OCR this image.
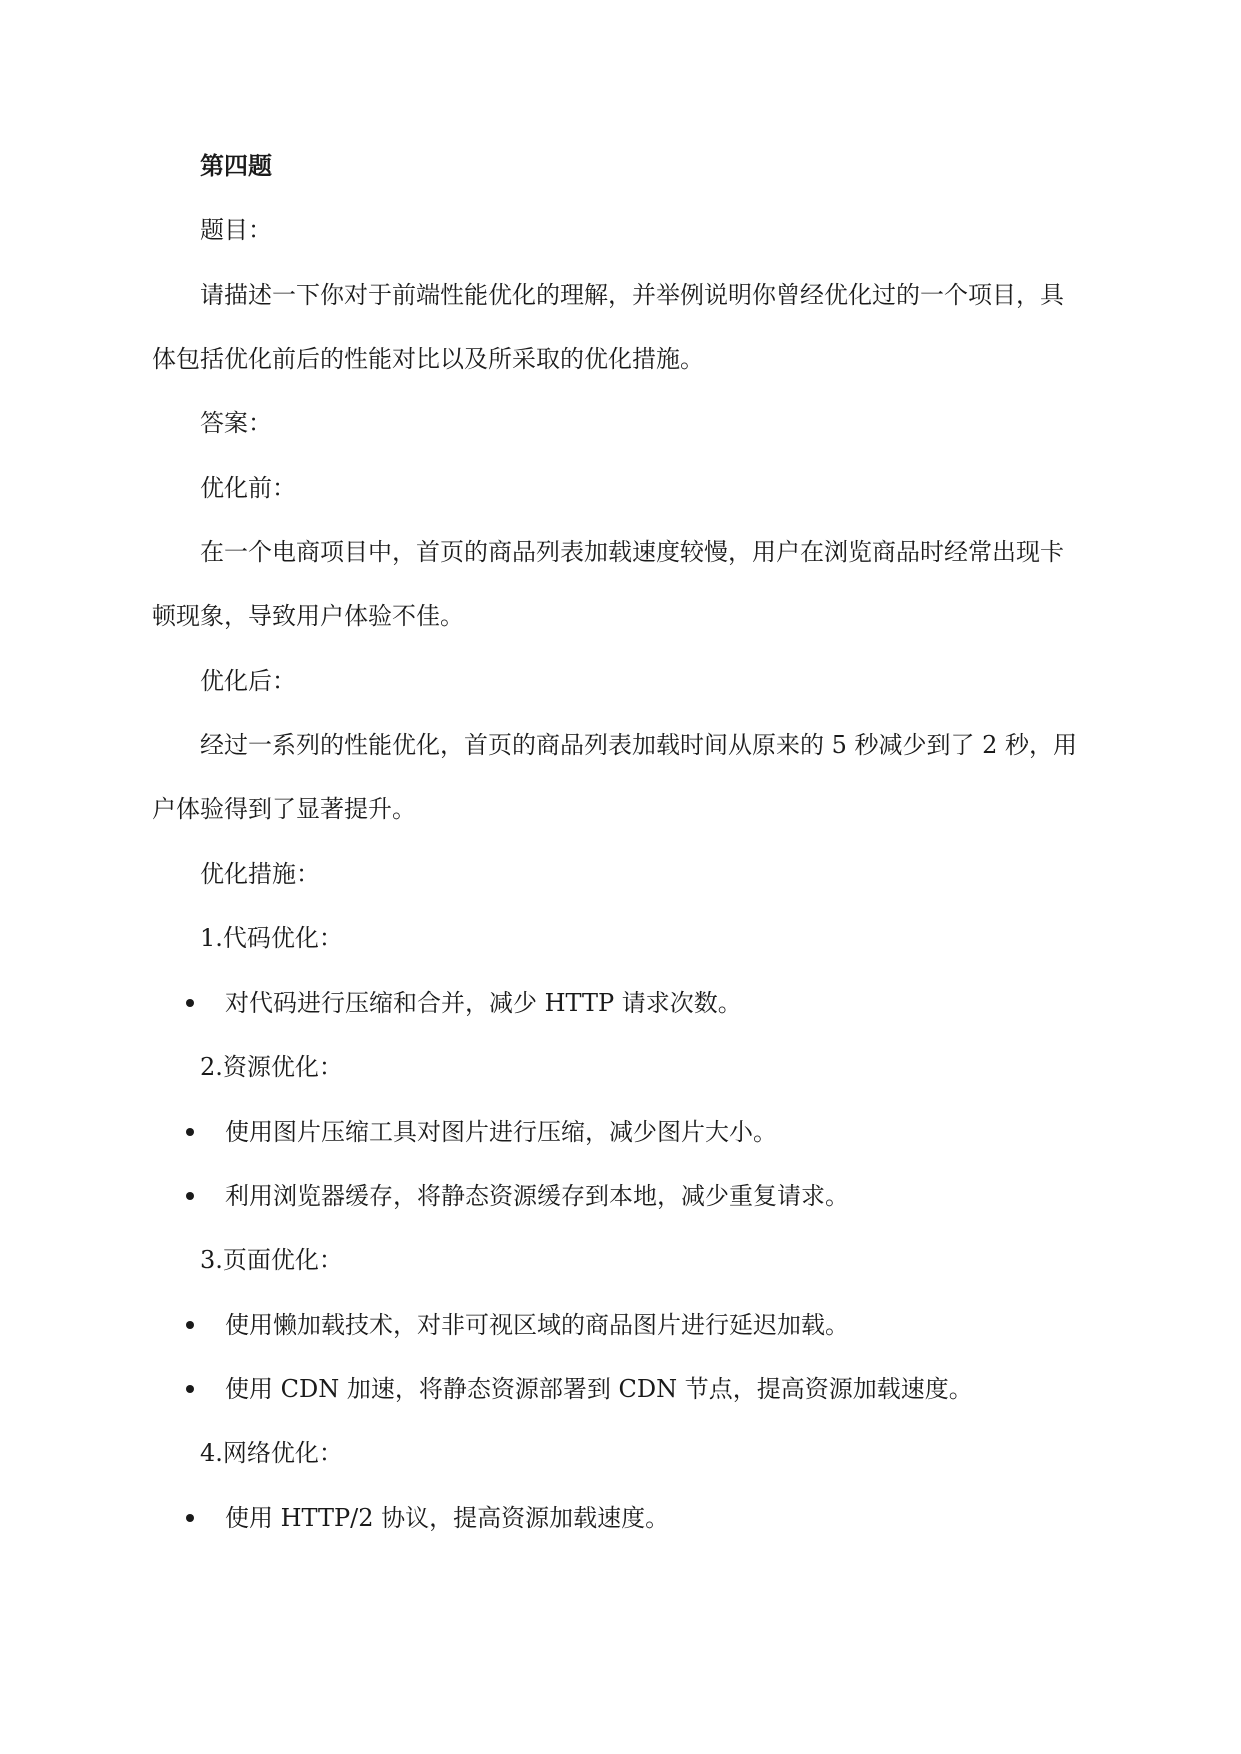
第四题
题目：
请描述一下你对于前端性能优化的理解，并举例说明你曾经优化过的一个项目，具
体包括优化前后的性能对比以及所采取的优化措施。
答案：
优化前：
在一个电商项目中，首页的商品列表加载速度较慢，用户在浏览商品时经常出现卡
顿现象，导致用户体验不佳。
优化后：
经过一系列的性能优化，首页的商品列表加载时间从原来的 5 秒减少到了 2 秒，用
户体验得到了显著提升。
优化措施：
1.代码优化：
对代码进行压缩和合并，减少 HTTP 请求次数。
2.资源优化：
使用图片压缩工具对图片进行压缩，减少图片大小。
利用浏览器缓存，将静态资源缓存到本地，减少重复请求。
3.页面优化：
使用懒加载技术，对非可视区域的商品图片进行延迟加载。
使用 CDN 加速，将静态资源部署到 CDN 节点，提高资源加载速度。
4.网络优化：
使用 HTTP/2 协议，提高资源加载速度。
